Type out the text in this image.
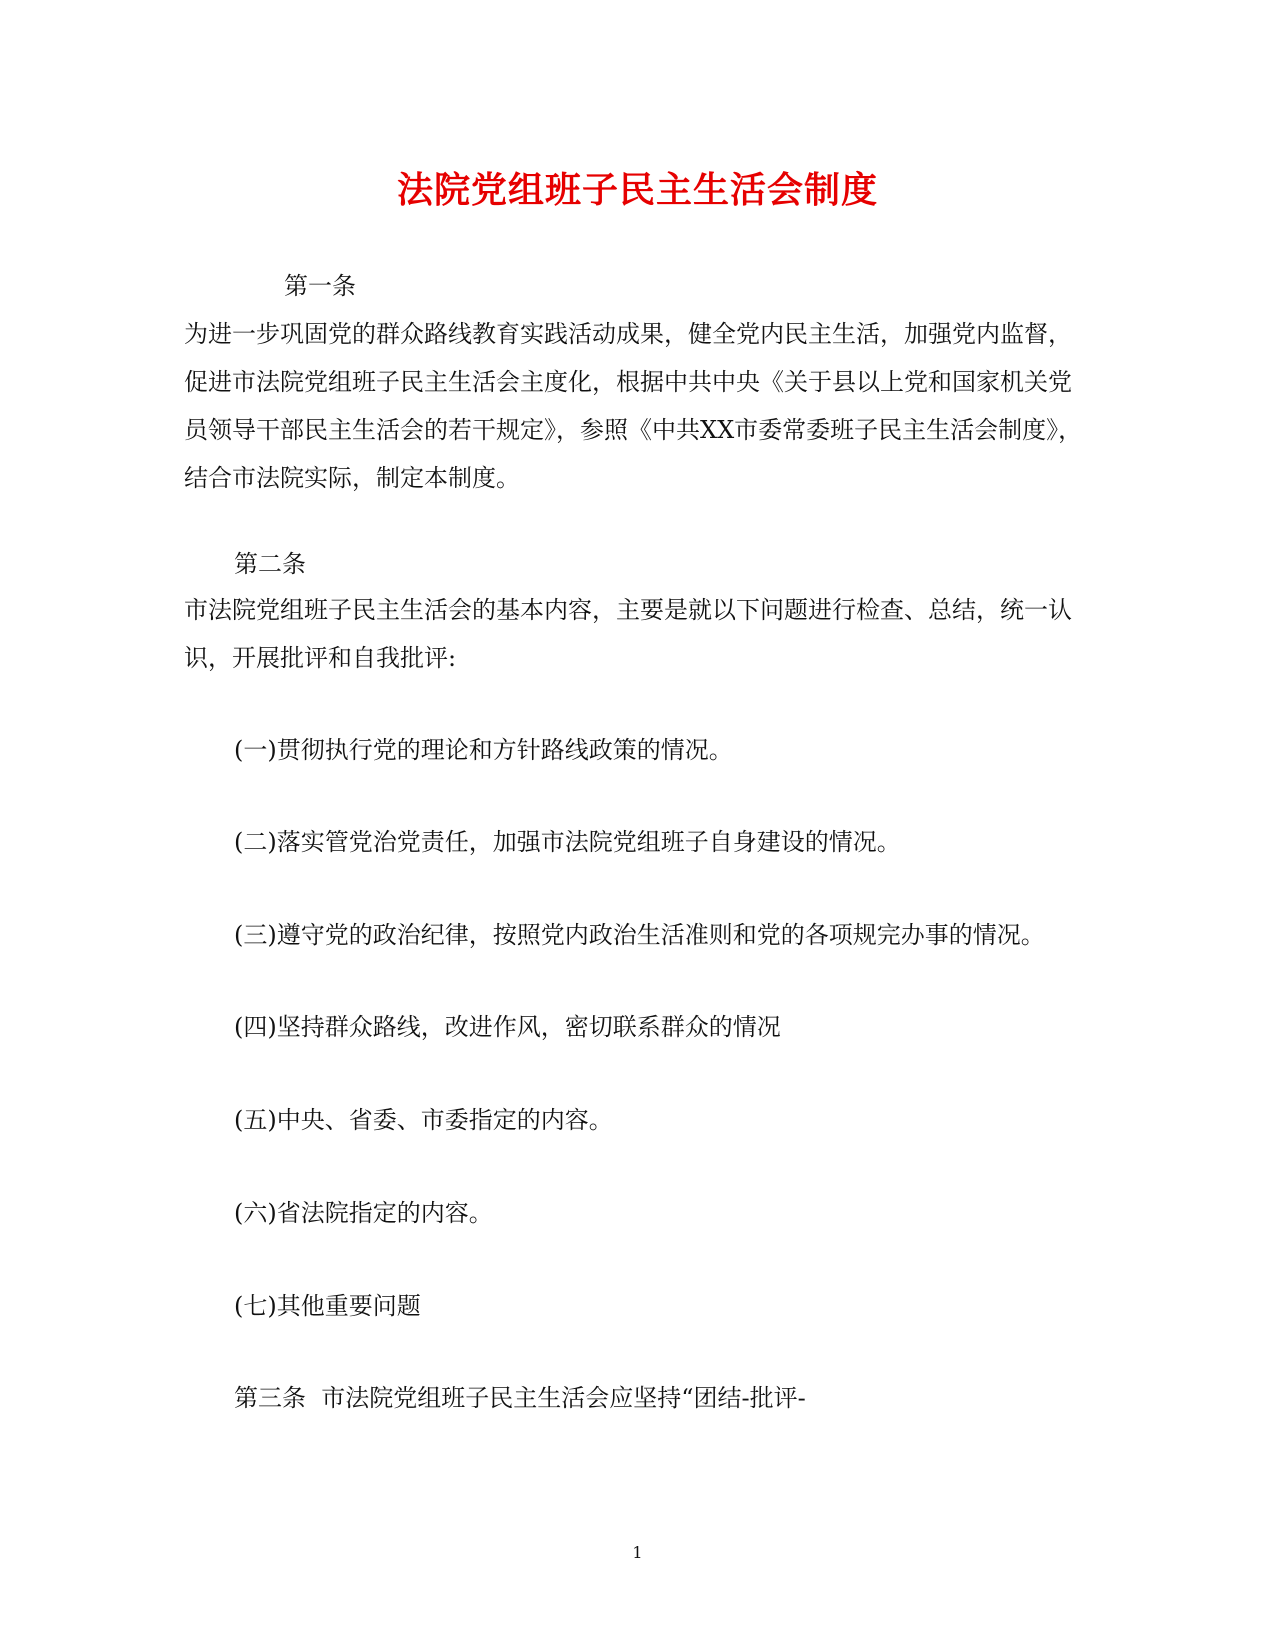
法院党组班子民主生活会制度

第一条

为进一步巩固党的群众路线教育实践活动成果，健全党内民主生活，加强党内监督，促进市法院党组班子民主生活会主度化，根据中共中央《关于县以上党和国家机关党员领导干部民主生活会的若干规定》，参照《中共XX市委常委班子民主生活会制度》，结合市法院实际，制定本制度。

第二条

市法院党组班子民主生活会的基本内容，主要是就以下问题进行检查、总结，统一认识，开展批评和自我批评:

(一)贯彻执行党的理论和方针路线政策的情况。
(二)落实管党治党责任，加强市法院党组班子自身建设的情况。
(三)遵守党的政治纪律，按照党内政治生活准则和党的各项规完办事的情况。
(四)坚持群众路线，改进作风，密切联系群众的情况
(五)中央、省委、市委指定的内容。
(六)省法院指定的内容。
(七)其他重要问题
第三条  市法院党组班子民主生活会应坚持“团结-批评-
1
